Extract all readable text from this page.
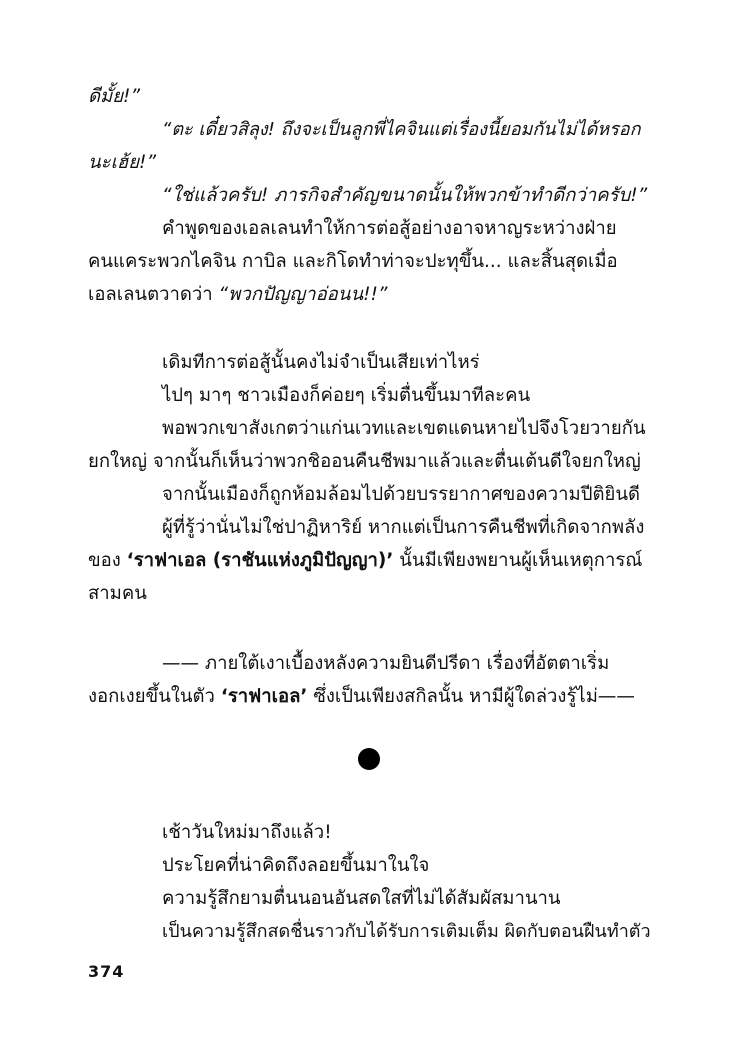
ดีมั้ย!”
“ตะ เดี๋ยวสิลุง! ถึงจะเป็นลูกพี่ไคจินแต่เรื่องนี้ยอมกันไม่ได้หรอก
นะเฮ้ย!”
“ใช่แล้วครับ! ภารกิจสำคัญขนาดนั้นให้พวกข้าทำดีกว่าครับ!”
คำพูดของเอลเลนทำให้การต่อสู้อย่างอาจหาญระหว่างฝ่าย
คนแคระพวกไคจิน กาบิล และกิโดทำท่าจะปะทุขึ้น... และสิ้นสุดเมื่อ
เอลเลนตวาดว่า “พวกปัญญาอ่อนน!!”
เดิมทีการต่อสู้นั้นคงไม่จำเป็นเสียเท่าไหร่
ไปๆ มาๆ ชาวเมืองก็ค่อยๆ เริ่มตื่นขึ้นมาทีละคน
พอพวกเขาสังเกตว่าแก่นเวทและเขตแดนหายไปจึงโวยวายกัน
ยกใหญ่ จากนั้นก็เห็นว่าพวกชิออนคืนชีพมาแล้วและตื่นเต้นดีใจยกใหญ่
จากนั้นเมืองก็ถูกห้อมล้อมไปด้วยบรรยากาศของความปีติยินดี
ผู้ที่รู้ว่านั่นไม่ใช่ปาฏิหาริย์ หากแต่เป็นการคืนชีพที่เกิดจากพลัง
ของ ‘ราฟาเอล (ราชันแห่งภูมิปัญญา)’ นั้นมีเพียงพยานผู้เห็นเหตุการณ์
สามคน
—— ภายใต้เงาเบื้องหลังความยินดีปรีดา เรื่องที่อัตตาเริ่ม
งอกเงยขึ้นในตัว ‘ราฟาเอล’ ซึ่งเป็นเพียงสกิลนั้น หามีผู้ใดล่วงรู้ไม่——
เช้าวันใหม่มาถึงแล้ว!
ประโยคที่น่าคิดถึงลอยขึ้นมาในใจ
ความรู้สึกยามตื่นนอนอันสดใสที่ไม่ได้สัมผัสมานาน
เป็นความรู้สึกสดชื่นราวกับได้รับการเติมเต็ม ผิดกับตอนฝืนทำตัว
374
